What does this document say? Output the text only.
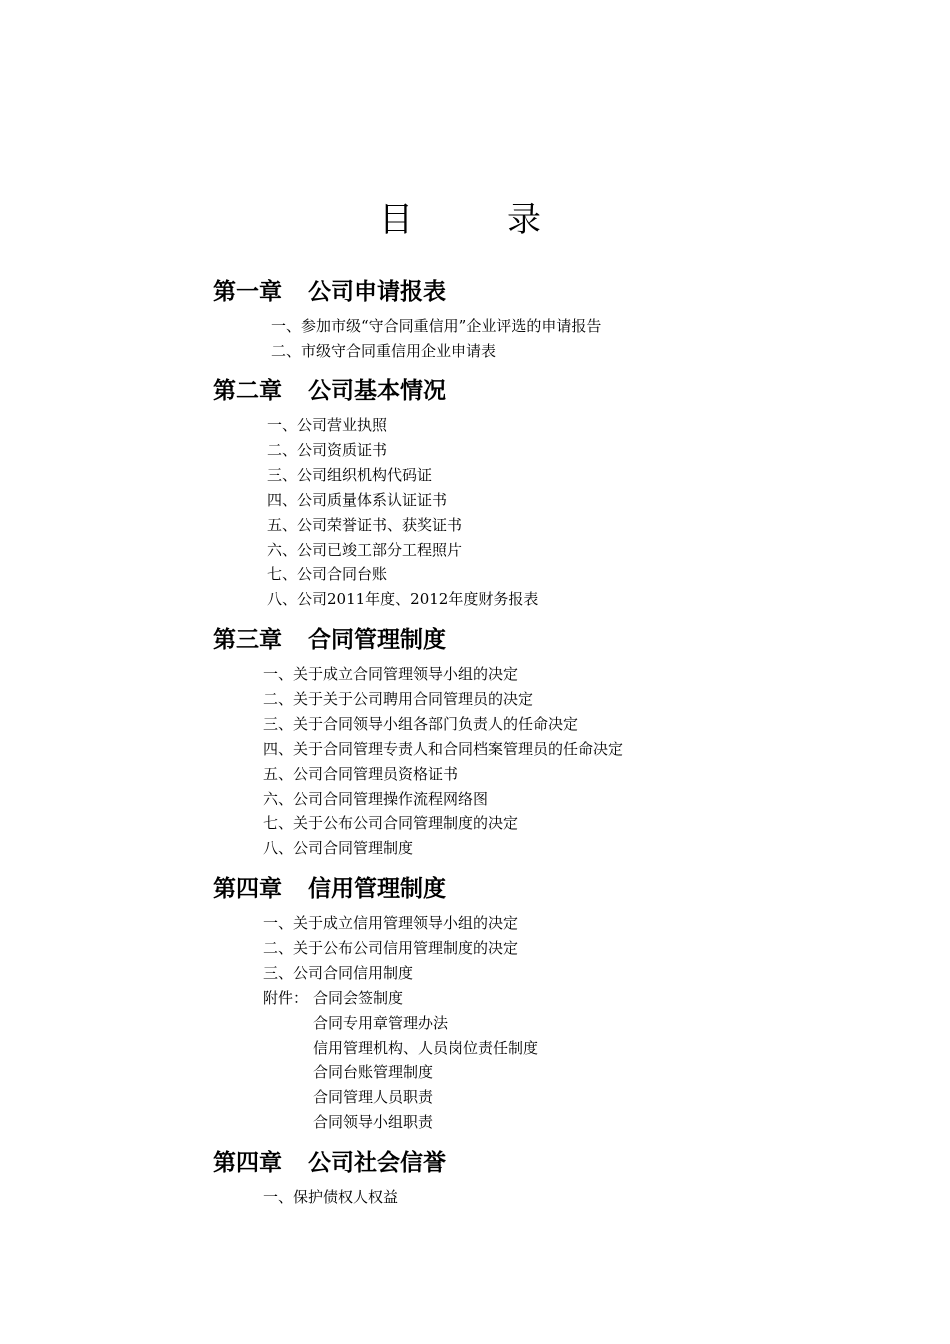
目　录
第一章 公司申请报表
一、参加市级“守合同重信用”企业评选的申请报告
二、市级守合同重信用企业申请表
第二章 公司基本情况
一、公司营业执照
二、公司资质证书
三、公司组织机构代码证
四、公司质量体系认证证书
五、公司荣誉证书、获奖证书
六、公司已竣工部分工程照片
七、公司合同台账
八、公司2011年度、2012年度财务报表
第三章 合同管理制度
一、关于成立合同管理领导小组的决定
二、关于关于公司聘用合同管理员的决定
三、关于合同领导小组各部门负责人的任命决定
四、关于合同管理专责人和合同档案管理员的任命决定
五、公司合同管理员资格证书
六、公司合同管理操作流程网络图
七、关于公布公司合同管理制度的决定
八、公司合同管理制度
第四章 信用管理制度
一、关于成立信用管理领导小组的决定
二、关于公布公司信用管理制度的决定
三、公司合同信用制度
附件： 合同会签制度
合同专用章管理办法
信用管理机构、人员岗位责任制度
合同台账管理制度
合同管理人员职责
合同领导小组职责
第四章 公司社会信誉
一、保护债权人权益
